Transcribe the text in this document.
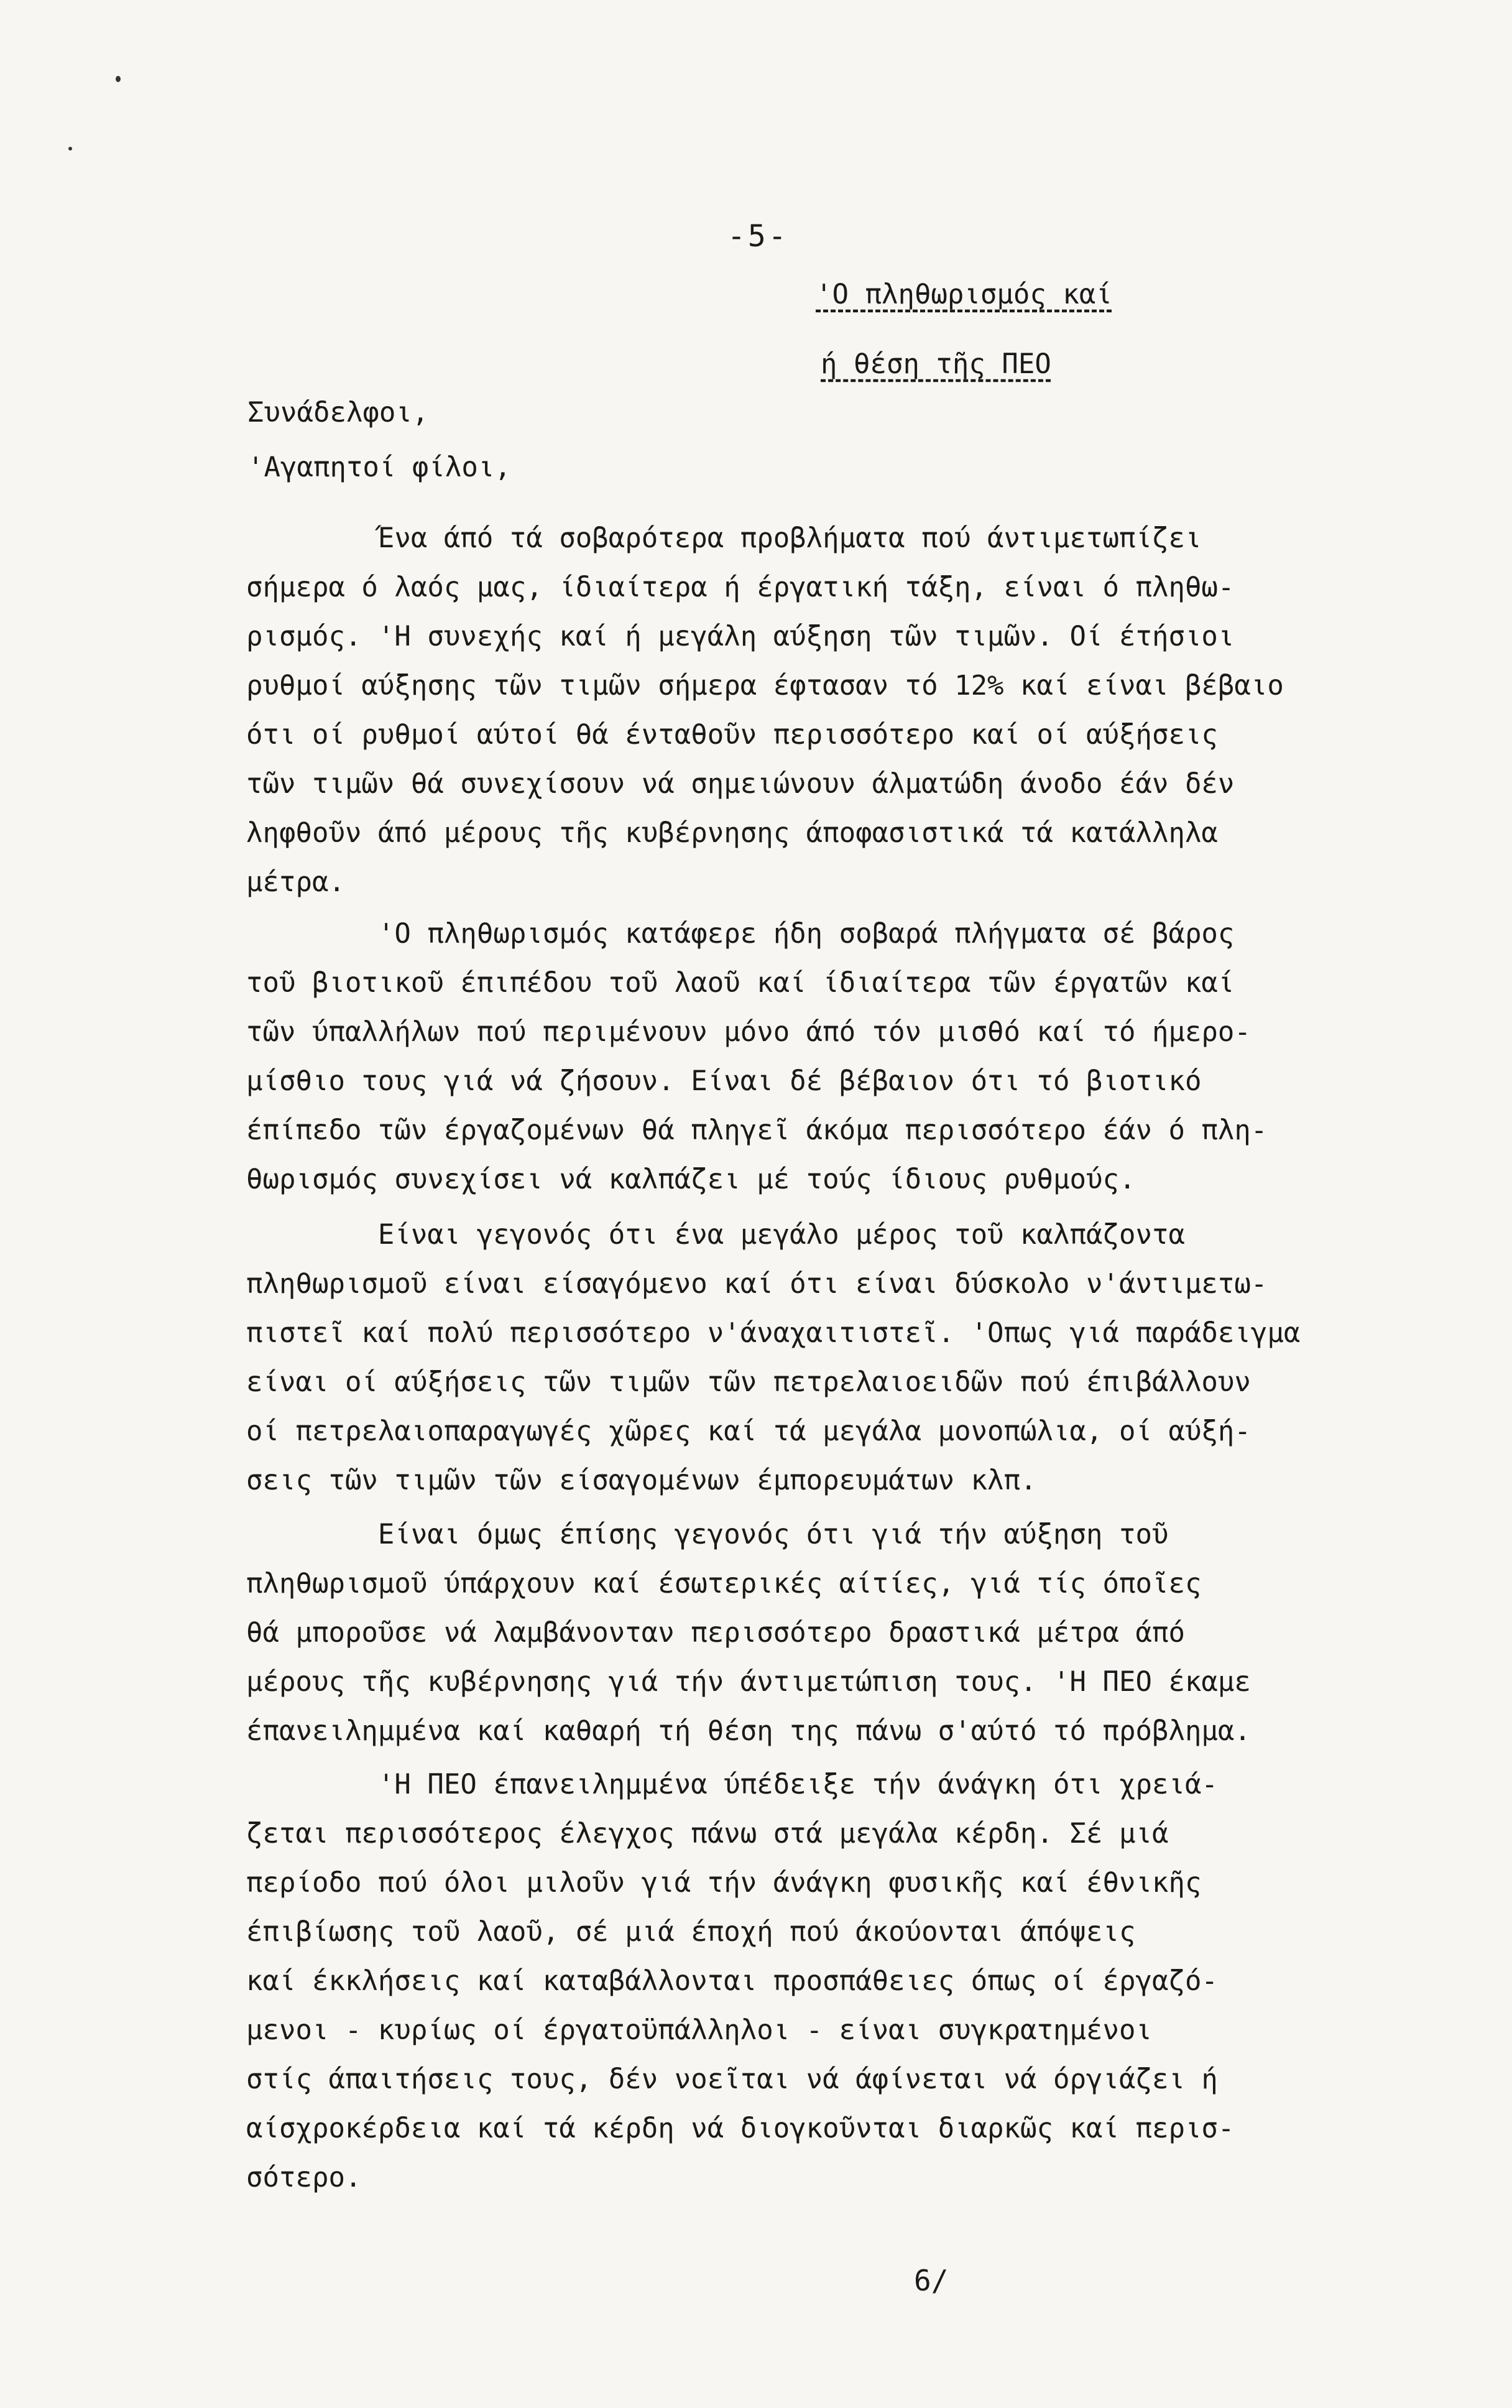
-5-
'Ο πληθωρισμός καί
ή θέση τῆς ΠΕΟ
Συνάδελφοι,
'Αγαπητοί φίλοι,
Ένα άπό τά σοβαρότερα προβλήματα πού άντιμετωπίζει
σήμερα ό λαός μας, ίδιαίτερα ή έργατική τάξη, είναι ό πληθω-
ρισμός. 'Η συνεχής καί ή μεγάλη αύξηση τῶν τιμῶν. Οί έτήσιοι
ρυθμοί αύξησης τῶν τιμῶν σήμερα έφτασαν τό 12% καί είναι βέβαιο
ότι οί ρυθμοί αύτοί θά ένταθοῦν περισσότερο καί οί αύξήσεις
τῶν τιμῶν θά συνεχίσουν νά σημειώνουν άλματώδη άνοδο έάν δέν
ληφθοῦν άπό μέρους τῆς κυβέρνησης άποφασιστικά τά κατάλληλα
μέτρα.
'Ο πληθωρισμός κατάφερε ήδη σοβαρά πλήγματα σέ βάρος
τοῦ βιοτικοῦ έπιπέδου τοῦ λαοῦ καί ίδιαίτερα τῶν έργατῶν καί
τῶν ύπαλλήλων πού περιμένουν μόνο άπό τόν μισθό καί τό ήμερο-
μίσθιο τους γιά νά ζήσουν. Είναι δέ βέβαιον ότι τό βιοτικό
έπίπεδο τῶν έργαζομένων θά πληγεῖ άκόμα περισσότερο έάν ό πλη-
θωρισμός συνεχίσει νά καλπάζει μέ τούς ίδιους ρυθμούς.
Είναι γεγονός ότι ένα μεγάλο μέρος τοῦ καλπάζοντα
πληθωρισμοῦ είναι είσαγόμενο καί ότι είναι δύσκολο ν'άντιμετω-
πιστεῖ καί πολύ περισσότερο ν'άναχαιτιστεῖ. 'Οπως γιά παράδειγμα
είναι οί αύξήσεις τῶν τιμῶν τῶν πετρελαιοειδῶν πού έπιβάλλουν
οί πετρελαιοπαραγωγές χῶρες καί τά μεγάλα μονοπώλια, οί αύξή-
σεις τῶν τιμῶν τῶν είσαγομένων έμπορευμάτων κλπ.
Είναι όμως έπίσης γεγονός ότι γιά τήν αύξηση τοῦ
πληθωρισμοῦ ύπάρχουν καί έσωτερικές αίτίες, γιά τίς όποῖες
θά μποροῦσε νά λαμβάνονταν περισσότερο δραστικά μέτρα άπό
μέρους τῆς κυβέρνησης γιά τήν άντιμετώπιση τους. 'Η ΠΕΟ έκαμε
έπανειλημμένα καί καθαρή τή θέση της πάνω σ'αύτό τό πρόβλημα.
'Η ΠΕΟ έπανειλημμένα ύπέδειξε τήν άνάγκη ότι χρειά-
ζεται περισσότερος έλεγχος πάνω στά μεγάλα κέρδη. Σέ μιά
περίοδο πού όλοι μιλοῦν γιά τήν άνάγκη φυσικῆς καί έθνικῆς
έπιβίωσης τοῦ λαοῦ, σέ μιά έποχή πού άκούονται άπόψεις
καί έκκλήσεις καί καταβάλλονται προσπάθειες όπως οί έργαζό-
μενοι - κυρίως οί έργατοϋπάλληλοι - είναι συγκρατημένοι
στίς άπαιτήσεις τους, δέν νοεῖται νά άφίνεται νά όργιάζει ή
αίσχροκέρδεια καί τά κέρδη νά διογκοῦνται διαρκῶς καί περισ-
σότερο.
6/
